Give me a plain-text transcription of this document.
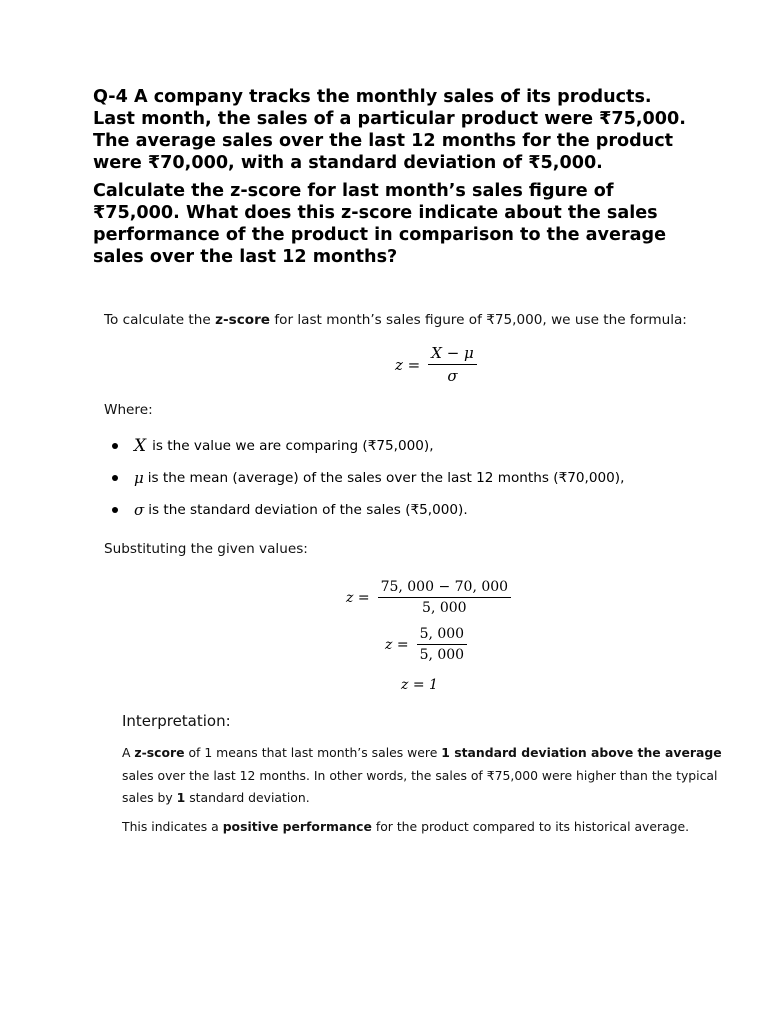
Q-4 A company tracks the monthly sales of its products. Last month, the sales of a particular product were ₹75,000. The average sales over the last 12 months for the product were ₹70,000, with a standard deviation of ₹5,000.

Calculate the z-score for last month’s sales figure of ₹75,000. What does this z-score indicate about the sales performance of the product in comparison to the average sales over the last 12 months?

To calculate the z-score for last month’s sales figure of ₹75,000, we use the formula:

$z = \frac{X - \mu}{\sigma}$

Where:

X is the value we are comparing (₹75,000),
μ is the mean (average) of the sales over the last 12 months (₹70,000),
σ is the standard deviation of the sales (₹5,000).

Substituting the given values:

$z = \frac{75, 000 - 70, 000}{5, 000}$
$z = \frac{5, 000}{5, 000}$
z = 1
Interpretation:

A z-score of 1 means that last month’s sales were 1 standard deviation above the average sales over the last 12 months. In other words, the sales of ₹75,000 were higher than the typical sales by 1 standard deviation.

This indicates a positive performance for the product compared to its historical average.
